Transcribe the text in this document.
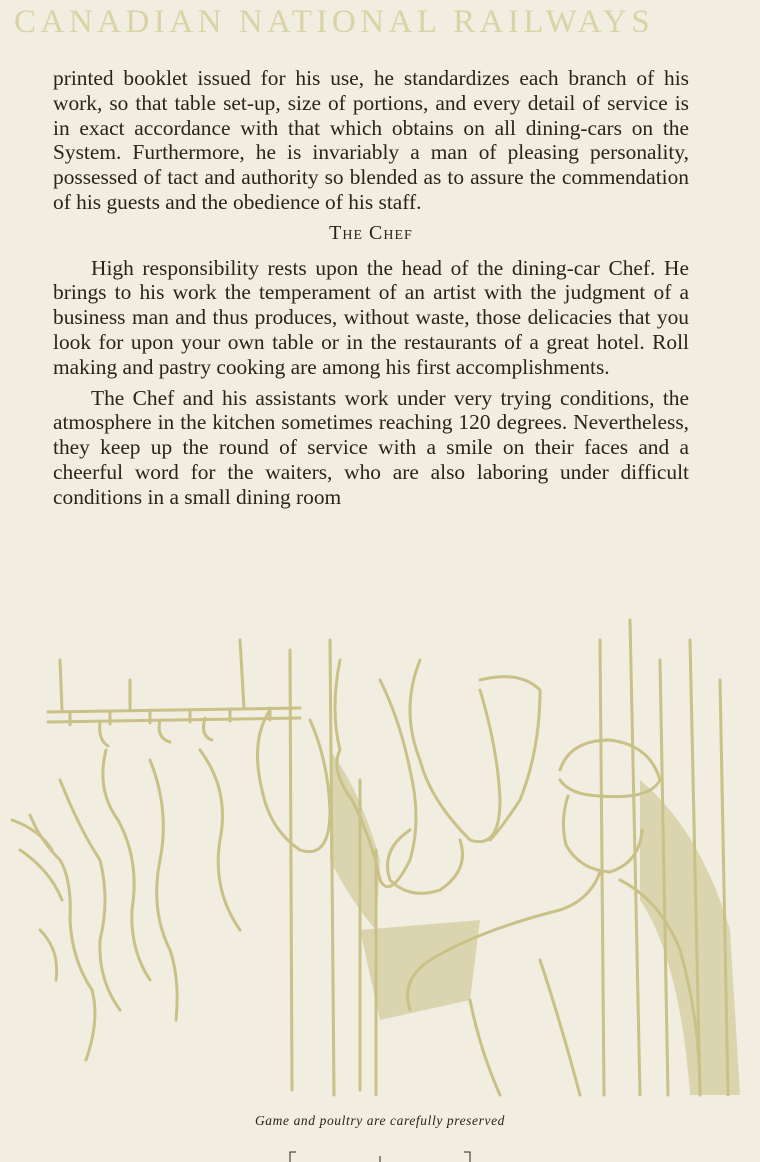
CANADIAN NATIONAL RAILWAYS

printed booklet issued for his use, he standardizes each branch of his work, so that table set-up, size of portions, and every detail of service is in exact accordance with that which obtains on all dining-cars on the System. Furthermore, he is invariably a man of pleasing personality, possessed of tact and authority so blended as to assure the commendation of his guests and the obedience of his staff.

The Chef

High responsibility rests upon the head of the dining-car Chef. He brings to his work the temperament of an artist with the judgment of a business man and thus produces, without waste, those delicacies that you look for upon your own table or in the restaurants of a great hotel. Roll making and pastry cooking are among his first accomplishments.

The Chef and his assistants work under very trying conditions, the atmosphere in the kitchen sometimes reaching 120 degrees. Nevertheless, they keep up the round of service with a smile on their faces and a cheerful word for the waiters, who are also laboring under difficult conditions in a small dining room

Game and poultry are carefully preserved
